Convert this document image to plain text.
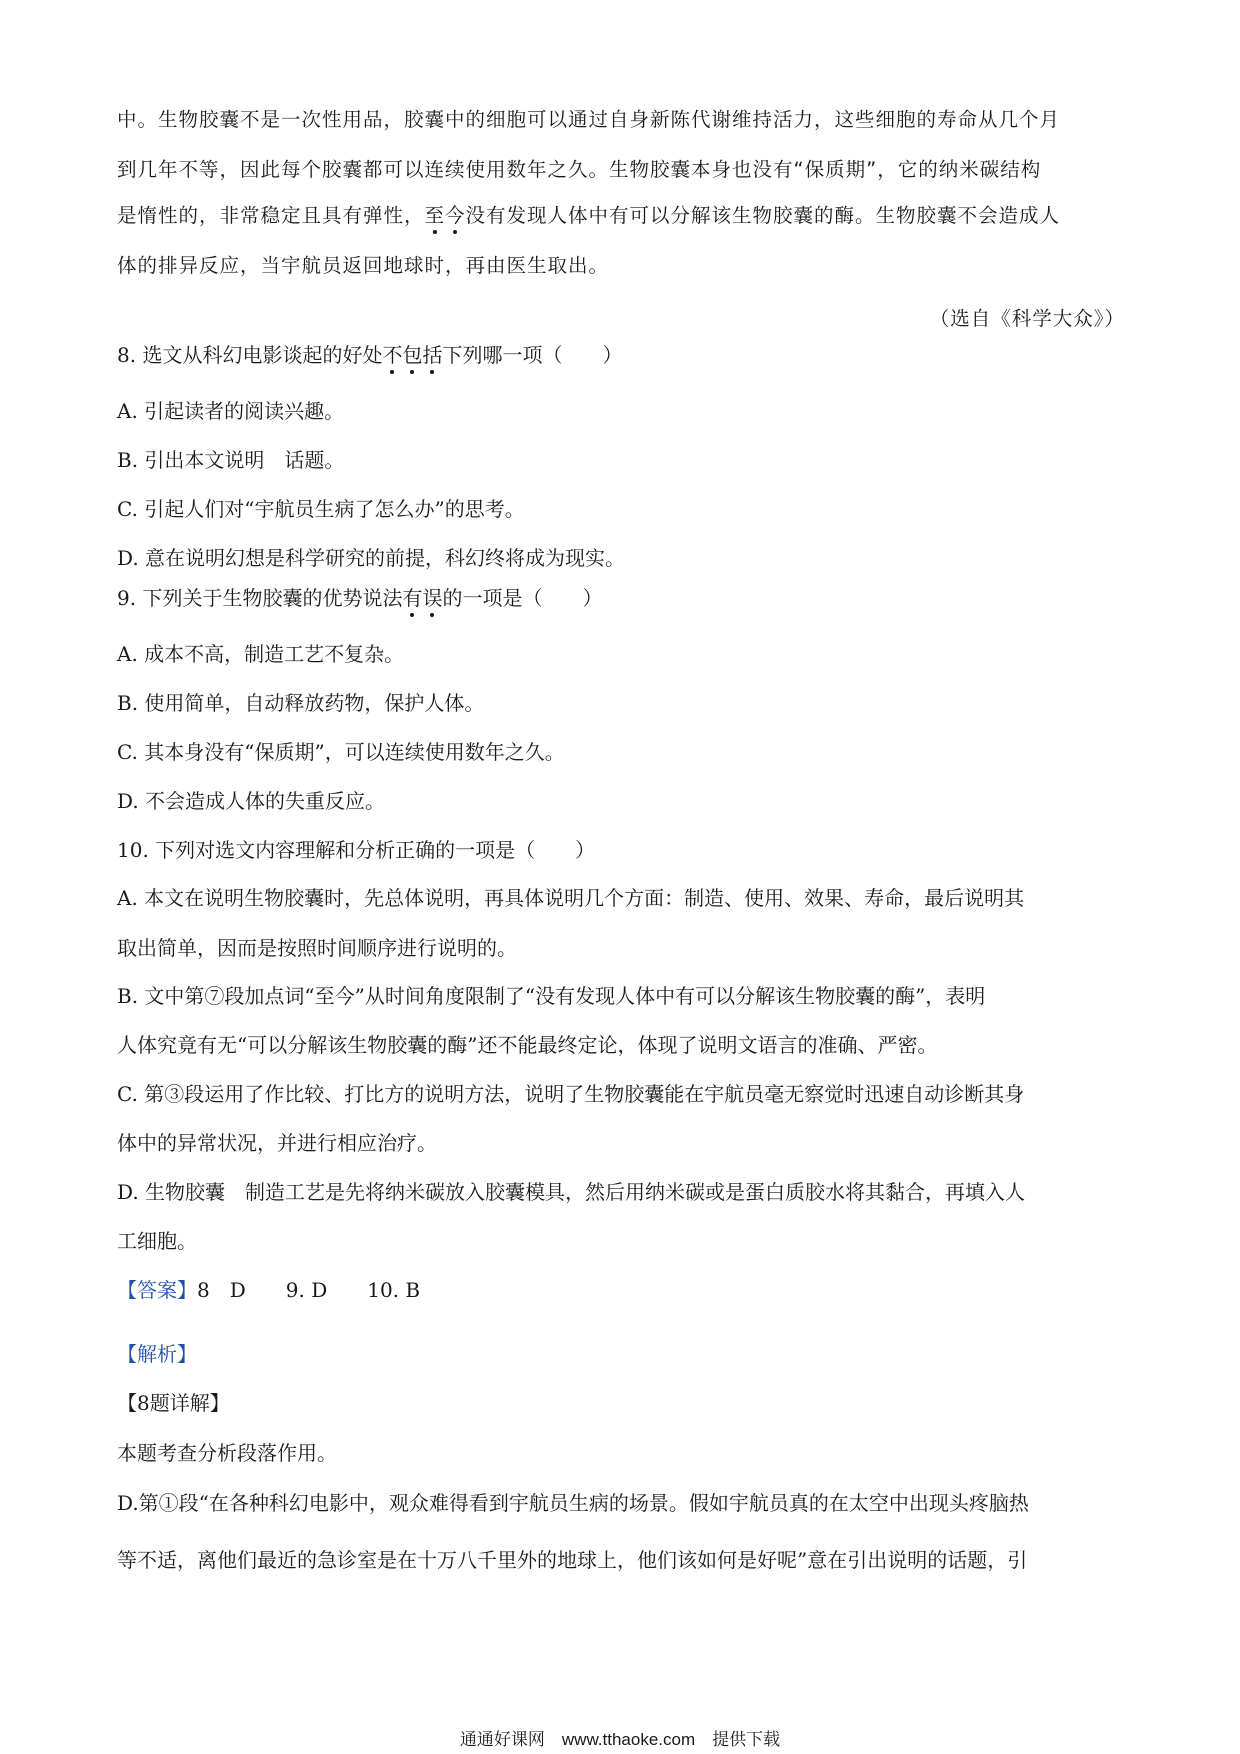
中。生物胶囊不是一次性用品，胶囊中的细胞可以通过自身新陈代谢维持活力，这些细胞的寿命从几个月
到几年不等，因此每个胶囊都可以连续使用数年之久。生物胶囊本身也没有“保质期”，它的纳米碳结构
是惰性的，非常稳定且具有弹性，至今没有发现人体中有可以分解该生物胶囊的酶。生物胶囊不会造成人
体的排异反应，当宇航员返回地球时，再由医生取出。
（选自《科学大众》）
8. 选文从科幻电影谈起的好处不包括下列哪一项（　　）
A. 引起读者的阅读兴趣。
B. 引出本文说明　话题。
C. 引起人们对“宇航员生病了怎么办”的思考。
D. 意在说明幻想是科学研究的前提，科幻终将成为现实。
9. 下列关于生物胶囊的优势说法有误的一项是（　　）
A. 成本不高，制造工艺不复杂。
B. 使用简单，自动释放药物，保护人体。
C. 其本身没有“保质期”，可以连续使用数年之久。
D. 不会造成人体的失重反应。
10. 下列对选文内容理解和分析正确的一项是（　　）
A. 本文在说明生物胶囊时，先总体说明，再具体说明几个方面：制造、使用、效果、寿命，最后说明其
取出简单，因而是按照时间顺序进行说明的。
B. 文中第⑦段加点词“至今”从时间角度限制了“没有发现人体中有可以分解该生物胶囊的酶”，表明
人体究竟有无“可以分解该生物胶囊的酶”还不能最终定论，体现了说明文语言的准确、严密。
C. 第③段运用了作比较、打比方的说明方法，说明了生物胶囊能在宇航员毫无察觉时迅速自动诊断其身
体中的异常状况，并进行相应治疗。
D. 生物胶囊　制造工艺是先将纳米碳放入胶囊模具，然后用纳米碳或是蛋白质胶水将其黏合，再填入人
工细胞。
【答案】8　D　　9. D　　10. B
【解析】
【8题详解】
本题考查分析段落作用。
D.第①段“在各种科幻电影中，观众难得看到宇航员生病的场景。假如宇航员真的在太空中出现头疼脑热
等不适，离他们最近的急诊室是在十万八千里外的地球上，他们该如何是好呢”意在引出说明的话题，引
通通好课网　www.tthaoke.com　提供下载
